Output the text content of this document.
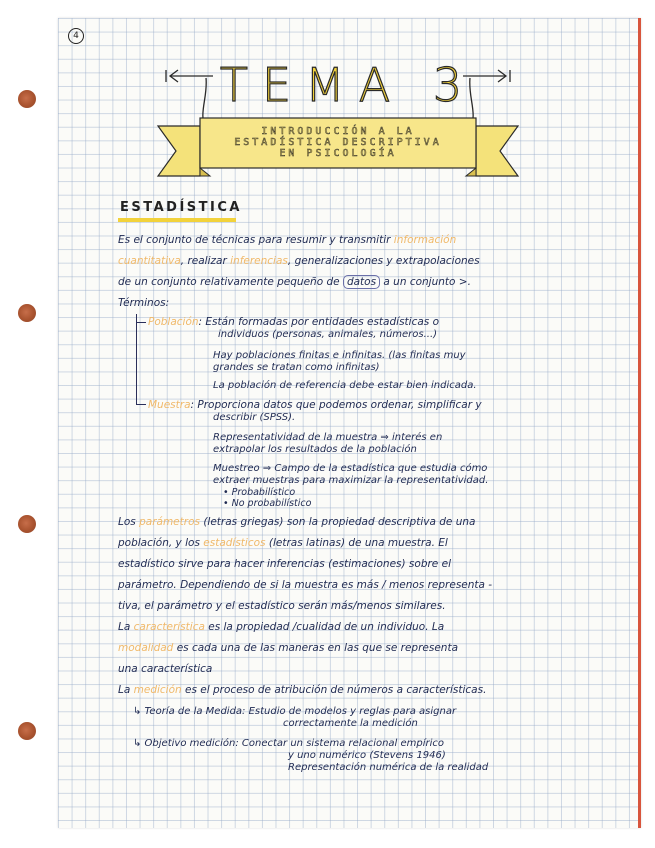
4
TEMA 3
INTRODUCCIÓN A LA
ESTADÍSTICA DESCRIPTIVA
EN PSICOLOGÍA
ESTADÍSTICA
Es el conjunto de técnicas para resumir y transmitir información
cuantitativa, realizar inferencias, generalizaciones y extrapolaciones
de un conjunto relativamente pequeño de datos a un conjunto >.
Términos:
Población: Están formadas por entidades estadísticas o
individuos (personas, animales, números...)
Hay poblaciones finitas e infinitas. (las finitas muy
grandes se tratan como infinitas)
La población de referencia debe estar bien indicada.
Muestra: Proporciona datos que podemos ordenar, simplificar y
describir (SPSS).
Representatividad de la muestra ⇒ interés en
extrapolar los resultados de la población
Muestreo ⇒ Campo de la estadística que estudia cómo
extraer muestras para maximizar la representatividad.
• Probabilístico
• No probabilístico
Los parámetros (letras griegas) son la propiedad descriptiva de una
población, y los estadísticos (letras latinas) de una muestra. El
estadístico sirve para hacer inferencias (estimaciones) sobre el
parámetro. Dependiendo de si la muestra es más / menos representa -
tiva, el parámetro y el estadístico serán más/menos similares.
La característica es la propiedad /cualidad de un individuo. La
modalidad es cada una de las maneras en las que se representa
una característica
La medición es el proceso de atribución de números a características.
↳ Teoría de la Medida: Estudio de modelos y reglas para asignar
correctamente la medición
↳ Objetivo medición: Conectar un sistema relacional empírico
y uno numérico (Stevens 1946)
Representación numérica de la realidad
